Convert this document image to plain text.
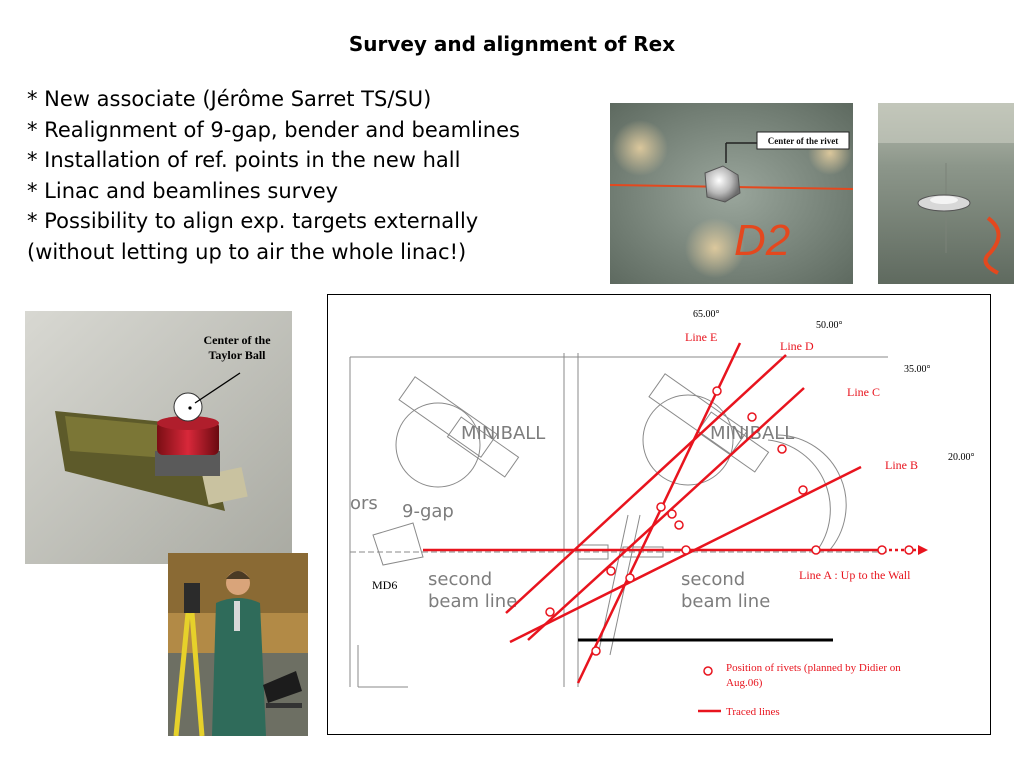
Survey and alignment of Rex
* New associate (Jérôme Sarret TS/SU)
* Realignment of 9-gap, bender and beamlines
* Installation of ref. points in the new hall
* Linac and beamlines survey
* Possibility to align exp. targets externally
(without letting up to air the whole linac!)
Center of the rivet
D2
Center of the
Taylor Ball
MINIBALL	MINIBALL
9-gap
ors
second
beam line
second
beam line
MD6
65.00°
50.00°
35.00°
20.00°
Line E
Line D
Line C
Line B
Line A : Up to the Wall
Position of rivets (planned by Didier on
Aug.06)
Traced lines
